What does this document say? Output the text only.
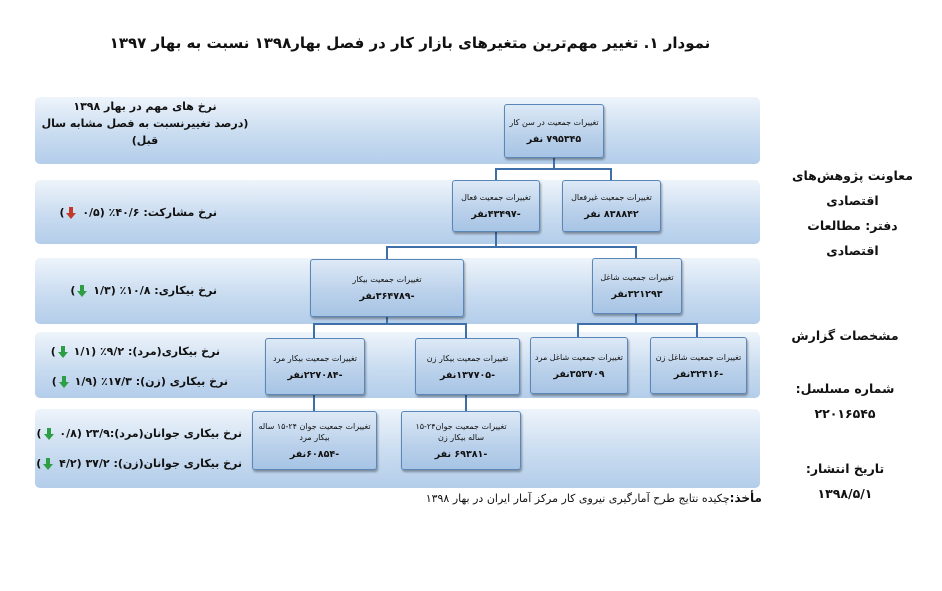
نمودار ۱. تغییر مهم‌ترین متغیرهای بازار کار در فصل بهار۱۳۹۸ نسبت به بهار ۱۳۹۷
نرخ های مهم در بهار ۱۳۹۸
(درصد تغییرنسبت به فصل مشابه سال قبل)
نرخ مشارکت: ۴۰/۶٪ (۰/۵ )
نرخ بیکاری: ۱۰/۸٪ (۱/۳ )
نرخ بیکاری(مرد): ۹/۲٪ (۱/۱ )
نرخ بیکاری (زن): ۱۷/۳٪ (۱/۹ )
نرخ بیکاری جوانان(مرد):۲۳/۹ (۰/۸ )
نرخ بیکاری جوانان(زن): ۳۷/۲ (۴/۲ )
تغییرات جمعیت در سن کار
۷۹۵۳۴۵ نفر
تغییرات جمعیت غیرفعال
۸۳۸۸۴۲ نفر
تغییرات جمعیت فعال
-۴۳۴۹۷نفر
تغییرات جمعیت شاغل
۳۲۱۲۹۳نفر
تغییرات جمعیت بیکار
-۳۶۴۷۸۹نفر
تغییرات جمعیت شاغل زن
-۳۲۴۱۶نفر
تغییرات جمعیت شاغل مرد
۳۵۳۷۰۹نفر
تغییرات جمعیت بیکار زن
-۱۳۷۷۰۵نفر
تغییرات جمعیت بیکار مرد
-۲۲۷۰۸۴نفر
تغییرات جمعیت جوان۲۴-۱۵
ساله بیکار زن
-۶۹۳۸۱ نفر
تغییرات جمعیت جوان ۲۴-۱۵ ساله
بیکار مرد
-۶۰۸۵۴نفر
مأخذ:چکیده نتایج طرح آمارگیری نیروی کار مرکز آمار ایران در بهار ۱۳۹۸
معاونت پژوهش‌های
اقتصادی
دفتر: مطالعات
اقتصادی
مشخصات گزارش
شماره مسلسل:
۲۲۰۱۶۵۴۵
تاریخ انتشار:
۱۳۹۸/۵/۱
